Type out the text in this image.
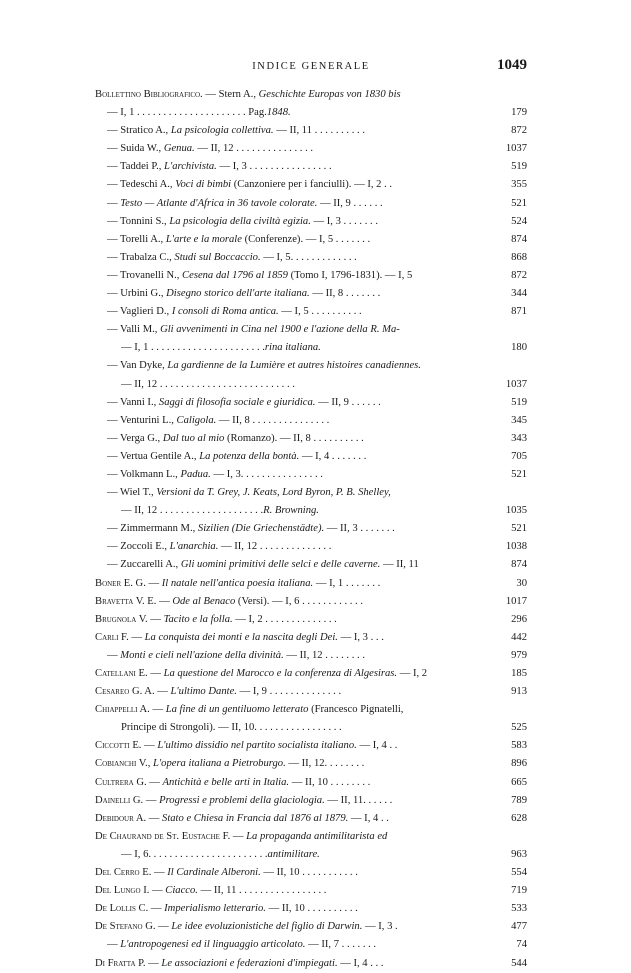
INDICE GENERALE	1049
Bollettino Bibliografico. — Stern A., Geschichte Europas von 1830 bis
— I, 1 . . . . . . . . . . . . . . . . . . . . . Pag.1848.	179
— Stratico A., La psicologia collettiva. — II, 11 . . . . . . . . . .	872
— Suida W., Genua. — II, 12 . . . . . . . . . . . . . . .	1037
— Taddei P., L'archivista. — I, 3 . . . . . . . . . . . . . . . .	519
— Tedeschi A., Voci di bimbi (Canzoniere per i fanciulli). — I, 2 . .	355
— Testo — Atlante d'Africa in 36 tavole colorate. — II, 9 . . . . . .	521
— Tonnini S., La psicologia della civiltà egizia. — I, 3 . . . . . . .	524
— Torelli A., L'arte e la morale (Conferenze). — I, 5 . . . . . . .	874
— Trabalza C., Studi sul Boccaccio. — I, 5. . . . . . . . . . . . .	868
— Trovanelli N., Cesena dal 1796 al 1859 (Tomo I, 1796-1831). — I, 5	872
— Urbini G., Disegno storico dell'arte italiana. — II, 8 . . . . . . .	344
— Vaglieri D., I consoli di Roma antica. — I, 5 . . . . . . . . . .	871
— Valli M., Gli avvenimenti in Cina nel 1900 e l'azione della R. Ma-
— I, 1 . . . . . . . . . . . . . . . . . . . . . .rina italiana.	180
— Van Dyke, La gardienne de la Lumière et autres histoires canadiennes.
— II, 12 . . . . . . . . . . . . . . . . . . . . . . . . . .	1037
— Vanni I., Saggi di filosofia sociale e giuridica. — II, 9 . . . . . .	519
— Venturini L., Caligola. — II, 8 . . . . . . . . . . . . . . .	345
— Verga G., Dal tuo al mio (Romanzo). — II, 8 . . . . . . . . . .	343
— Vertua Gentile A., La potenza della bontà. — I, 4 . . . . . . .	705
— Volkmann L., Padua. — I, 3. . . . . . . . . . . . . . . .	521
— Wiel T., Versioni da T. Grey, J. Keats, Lord Byron, P. B. Shelley,
— II, 12 . . . . . . . . . . . . . . . . . . . .R. Browning.	1035
— Zimmermann M., Sizilien (Die Griechenstädte). — II, 3 . . . . . . .	521
— Zoccoli E., L'anarchia. — II, 12 . . . . . . . . . . . . . .	1038
— Zuccarelli A., Gli uomini primitivi delle selci e delle caverne. — II, 11	874
Boner E. G. — Il natale nell'antica poesia italiana. — I, 1 . . . . . . .	30
Bravetta V. E. — Ode al Benaco (Versi). — I, 6 . . . . . . . . . . . .	1017
Brugnola V. — Tacito e la folla. — I, 2 . . . . . . . . . . . . . .	296
Carli F. — La conquista dei monti e la nascita degli Dei. — I, 3 . . .	442
— Monti e cieli nell'azione della divinità. — II, 12 . . . . . . . .	979
Catellani E. — La questione del Marocco e la conferenza di Algesiras. — I, 2	185
Cesareo G. A. — L'ultimo Dante. — I, 9 . . . . . . . . . . . . . .	913
Chiappelli A. — La fine di un gentiluomo letterato (Francesco Pignatelli,
Principe di Strongoli). — II, 10. . . . . . . . . . . . . . . . .	525
Ciccotti E. — L'ultimo dissidio nel partito socialista italiano. — I, 4 . .	583
Cobianchi V., L'opera italiana a Pietroburgo. — II, 12. . . . . . . .	896
Cultrera G. — Antichità e belle arti in Italia. — II, 10 . . . . . . . .	665
Dainelli G. — Progressi e problemi della glaciologia. — II, 11. . . . . .	789
Debidour A. — Stato e Chiesa in Francia dal 1876 al 1879. — I, 4 . .	628
De Chaurand de St. Eustache F. — La propaganda antimilitarista ed
— I, 6. . . . . . . . . . . . . . . . . . . . . . .antimilitare.	963
Del Cerro E. — Il Cardinale Alberoni. — II, 10 . . . . . . . . . . .	554
Del Lungo I. — Ciacco. — II, 11 . . . . . . . . . . . . . . . . .	719
De Lollis C. — Imperialismo letterario. — II, 10 . . . . . . . . . .	533
De Stefano G. — Le idee evoluzionistiche del figlio di Darwin. — I, 3 .	477
— L'antropogenesi ed il linguaggio articolato. — II, 7 . . . . . . .	74
Di Fratta P. — Le associazioni e federazioni d'impiegati. — I, 4 . . .	544
